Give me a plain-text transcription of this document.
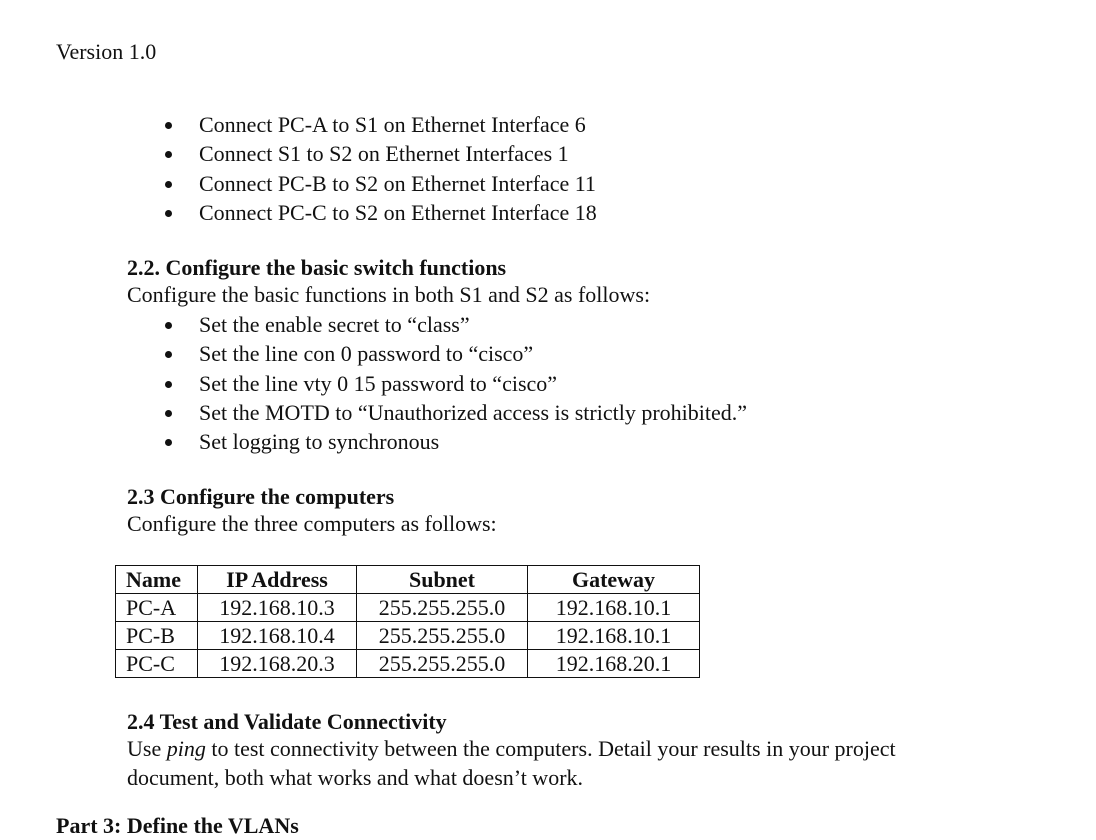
Version 1.0
Connect PC-A to S1 on Ethernet Interface 6
Connect S1 to S2 on Ethernet Interfaces 1
Connect PC-B to S2 on Ethernet Interface 11
Connect PC-C to S2 on Ethernet Interface 18
2.2. Configure the basic switch functions
Configure the basic functions in both S1 and S2 as follows:
Set the enable secret to “class”
Set the line con 0 password to “cisco”
Set the line vty 0 15 password to “cisco”
Set the MOTD to “Unauthorized access is strictly prohibited.”
Set logging to synchronous
2.3 Configure the computers
Configure the three computers as follows:
Name	IP Address	Subnet	Gateway
PC-A	192.168.10.3	255.255.255.0	192.168.10.1
PC-B	192.168.10.4	255.255.255.0	192.168.10.1
PC-C	192.168.20.3	255.255.255.0	192.168.20.1
2.4 Test and Validate Connectivity
Use ping to test connectivity between the computers. Detail your results in your project
document, both what works and what doesn’t work.
Part 3: Define the VLANs
